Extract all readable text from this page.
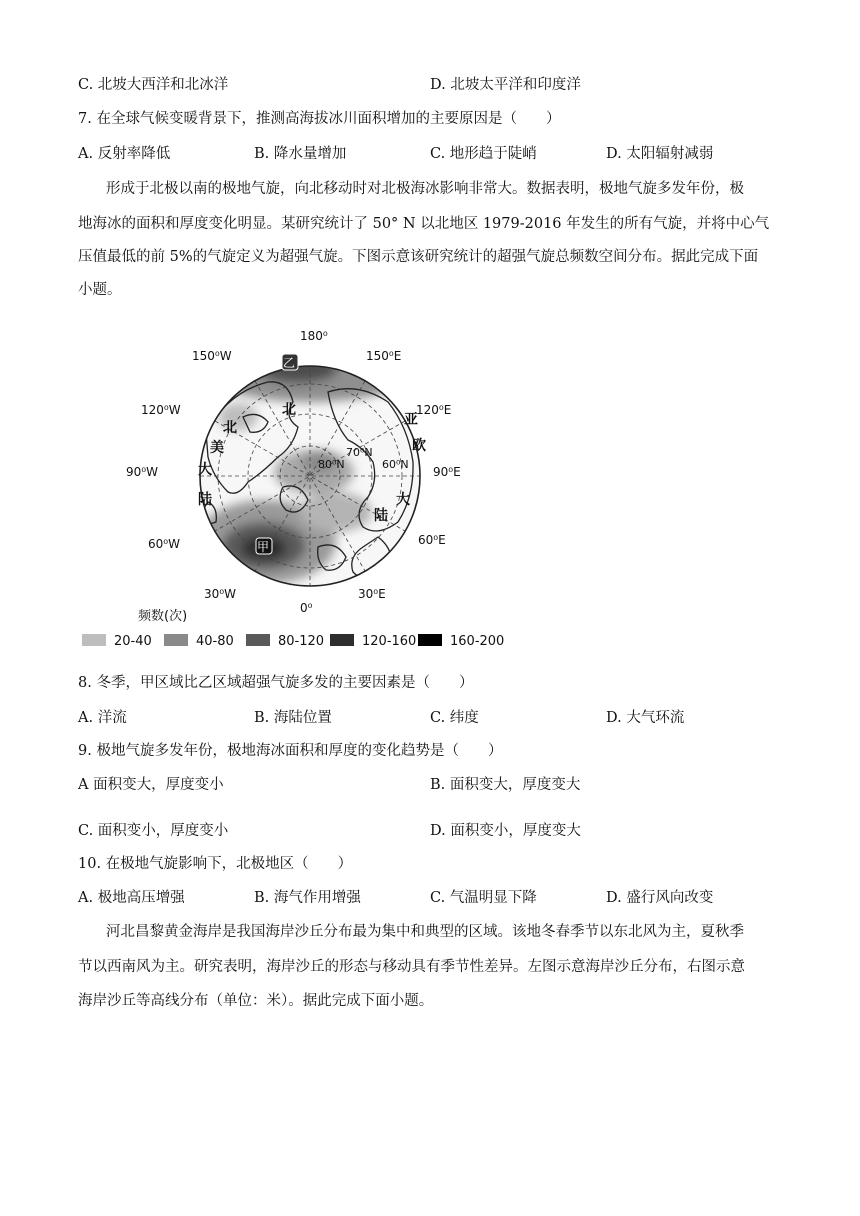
C. 北坡大西洋和北冰洋	D. 北坡太平洋和印度洋
7. 在全球气候变暖背景下，推测高海拔冰川面积增加的主要原因是（　　）
A. 反射率降低	B. 降水量增加	C. 地形趋于陡峭	D. 太阳辐射减弱
形成于北极以南的极地气旋，向北移动时对北极海冰影响非常大。数据表明，极地气旋多发年份，极
地海冰的面积和厚度变化明显。某研究统计了 50° N 以北地区 1979-2016 年发生的所有气旋，并将中心气
压值最低的前 5%的气旋定义为超强气旋。下图示意该研究统计的超强气旋总频数空间分布。据此完成下面
小题。
180⁰
150⁰W	150⁰E
120⁰W	120⁰E
90⁰W	90⁰E
60⁰W	60⁰E
30⁰W	30⁰E
0⁰
80⁰N
70⁰N
60⁰N
乙
甲
北
美
大
陆
亚
欧
大
陆
北
频数(次)
20-40	40-80	80-120	120-160	160-200
8. 冬季，甲区域比乙区域超强气旋多发的主要因素是（　　）
A. 洋流	B. 海陆位置	C. 纬度	D. 大气环流
9. 极地气旋多发年份，极地海冰面积和厚度的变化趋势是（　　）
A 面积变大，厚度变小	B. 面积变大，厚度变大
C. 面积变小，厚度变小	D. 面积变小，厚度变大
10. 在极地气旋影响下，北极地区（　　）
A. 极地高压增强	B. 海气作用增强	C. 气温明显下降	D. 盛行风向改变
河北昌黎黄金海岸是我国海岸沙丘分布最为集中和典型的区域。该地冬春季节以东北风为主，夏秋季
节以西南风为主。研究表明，海岸沙丘的形态与移动具有季节性差异。左图示意海岸沙丘分布，右图示意
海岸沙丘等高线分布（单位：米）。据此完成下面小题。
